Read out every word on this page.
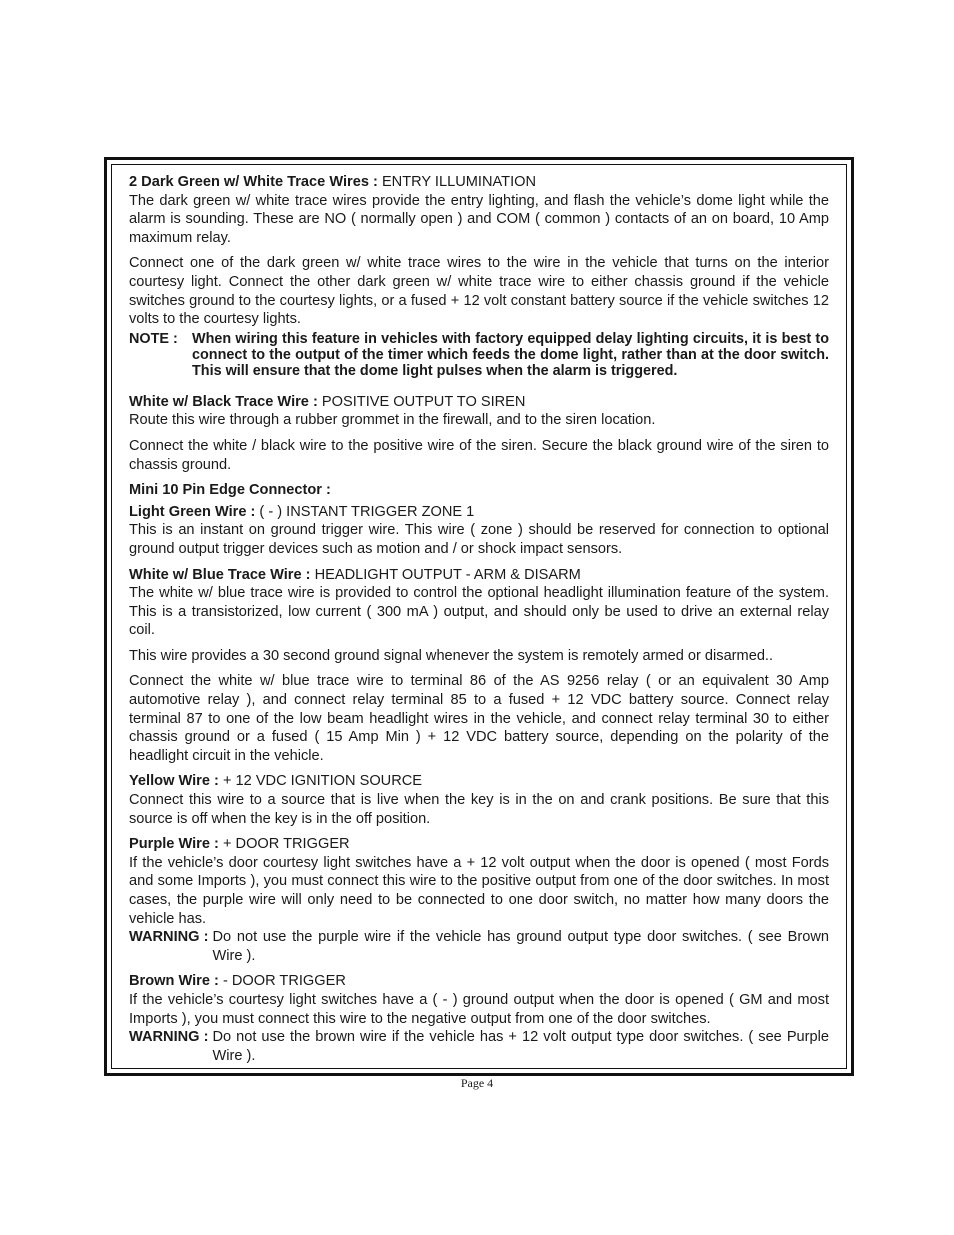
2 Dark Green w/ White Trace Wires : ENTRY ILLUMINATION

The dark green w/ white trace wires provide the entry lighting, and flash the vehicle’s dome light while the alarm is sounding. These are NO ( normally open ) and COM ( common ) contacts of an on board, 10 Amp maximum relay.

Connect one of the dark green w/ white trace wires to the wire in the vehicle that turns on the interior courtesy light. Connect the other dark green w/ white trace wire to either chassis ground if the vehicle switches ground to the courtesy lights, or a fused + 12 volt constant battery source if the vehicle switches 12 volts to the courtesy lights.

NOTE : When wiring this feature in vehicles with factory equipped delay lighting circuits, it is best to connect to the output of the timer which feeds the dome light, rather than at the door switch. This will ensure that the dome light pulses when the alarm is triggered.

White w/ Black Trace Wire : POSITIVE OUTPUT TO SIREN

Route this wire through a rubber grommet in the firewall, and to the siren location.

Connect the white / black wire to the positive wire of the siren. Secure the black ground wire of the siren to chassis ground.

Mini 10 Pin Edge Connector :

Light Green Wire : ( - ) INSTANT TRIGGER ZONE 1

This is an instant on ground trigger wire. This wire ( zone ) should be reserved for connection to optional ground output trigger devices such as motion and / or shock impact sensors.

White w/ Blue Trace Wire : HEADLIGHT OUTPUT - ARM & DISARM

The white w/ blue trace wire is provided to control the optional headlight illumination feature of the system. This is a transistorized, low current ( 300 mA ) output, and should only be used to drive an external relay coil.

This wire provides a 30 second ground signal whenever the system is remotely armed or disarmed..

Connect the white w/ blue trace wire to terminal 86 of the AS 9256 relay ( or an equivalent 30 Amp automotive relay ), and connect relay terminal 85 to a fused + 12 VDC battery source. Connect relay terminal 87 to one of the low beam headlight wires in the vehicle, and connect relay terminal 30 to either chassis ground or a fused ( 15 Amp Min ) + 12 VDC battery source, depending on the polarity of the headlight circuit in the vehicle.

Yellow Wire : + 12 VDC IGNITION SOURCE

Connect this wire to a source that is live when the key is in the on and crank positions. Be sure that this source is off when the key is in the off position.

Purple Wire : + DOOR TRIGGER

If the vehicle’s door courtesy light switches have a + 12 volt output when the door is opened ( most Fords and some Imports ), you must connect this wire to the positive output from one of the door switches. In most cases, the purple wire will only need to be connected to one door switch, no matter how many doors the vehicle has.

WARNING : Do not use the purple wire if the vehicle has ground output type door switches. ( see Brown Wire ).

Brown Wire : - DOOR TRIGGER

If the vehicle’s courtesy light switches have a ( - ) ground output when the door is opened ( GM and most Imports ), you must connect this wire to the negative output from one of the door switches.

WARNING : Do not use the brown wire if the vehicle has + 12 volt output type door switches. ( see Purple Wire ).
Page 4
